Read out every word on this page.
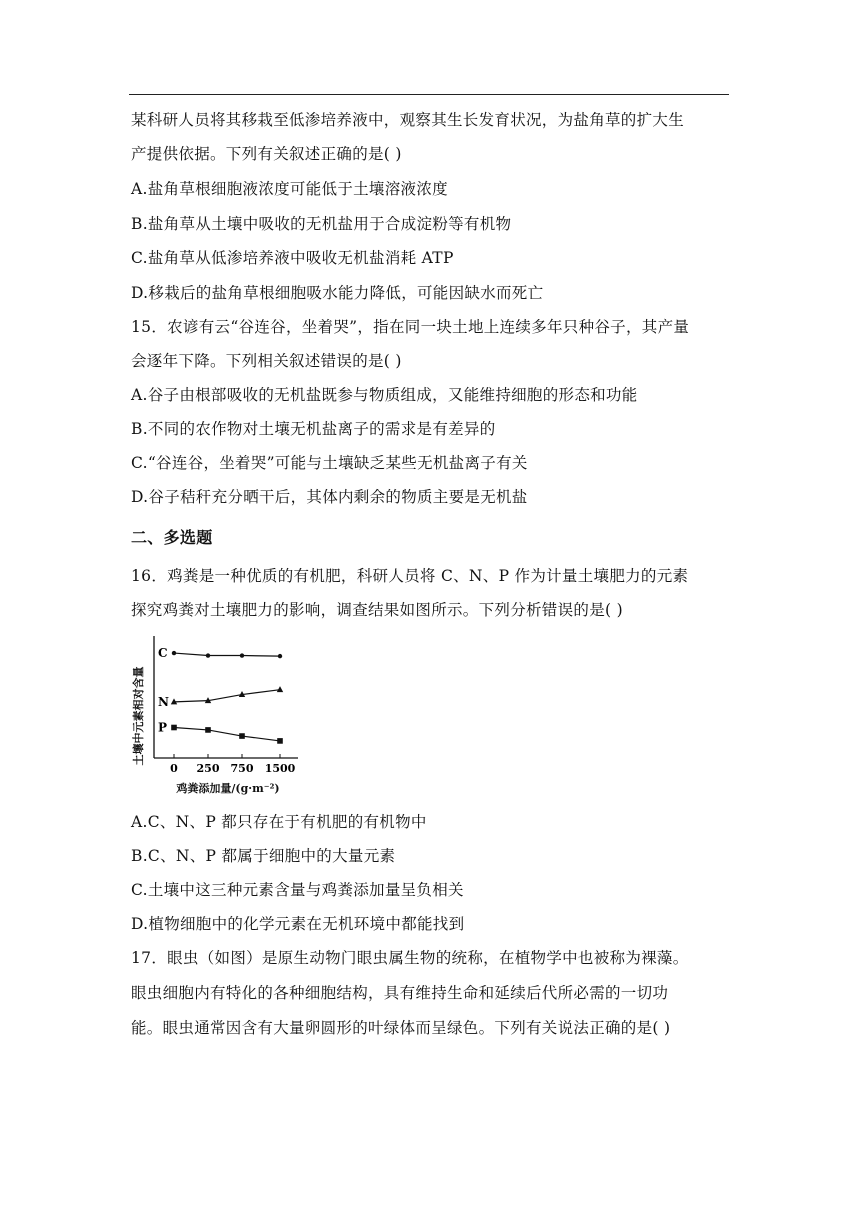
某科研人员将其移栽至低渗培养液中，观察其生长发育状况，为盐角草的扩大生
产提供依据。下列有关叙述正确的是( )
A.盐角草根细胞液浓度可能低于土壤溶液浓度
B.盐角草从土壤中吸收的无机盐用于合成淀粉等有机物
C.盐角草从低渗培养液中吸收无机盐消耗 ATP
D.移栽后的盐角草根细胞吸水能力降低，可能因缺水而死亡
15．农谚有云“谷连谷，坐着哭”，指在同一块土地上连续多年只种谷子，其产量
会逐年下降。下列相关叙述错误的是( )
A.谷子由根部吸收的无机盐既参与物质组成，又能维持细胞的形态和功能
B.不同的农作物对土壤无机盐离子的需求是有差异的
C.“谷连谷，坐着哭”可能与土壤缺乏某些无机盐离子有关
D.谷子秸秆充分晒干后，其体内剩余的物质主要是无机盐
二、多选题
16．鸡粪是一种优质的有机肥，科研人员将 C、N、P 作为计量土壤肥力的元素
探究鸡粪对土壤肥力的影响，调查结果如图所示。下列分析错误的是( )
土壤中元素相对含量
C
N
P
0 250 750 1500
鸡粪添加量/(g·m⁻²)
A.C、N、P 都只存在于有机肥的有机物中
B.C、N、P 都属于细胞中的大量元素
C.土壤中这三种元素含量与鸡粪添加量呈负相关
D.植物细胞中的化学元素在无机环境中都能找到
17．眼虫（如图）是原生动物门眼虫属生物的统称，在植物学中也被称为裸藻。
眼虫细胞内有特化的各种细胞结构，具有维持生命和延续后代所必需的一切功
能。眼虫通常因含有大量卵圆形的叶绿体而呈绿色。下列有关说法正确的是( )
